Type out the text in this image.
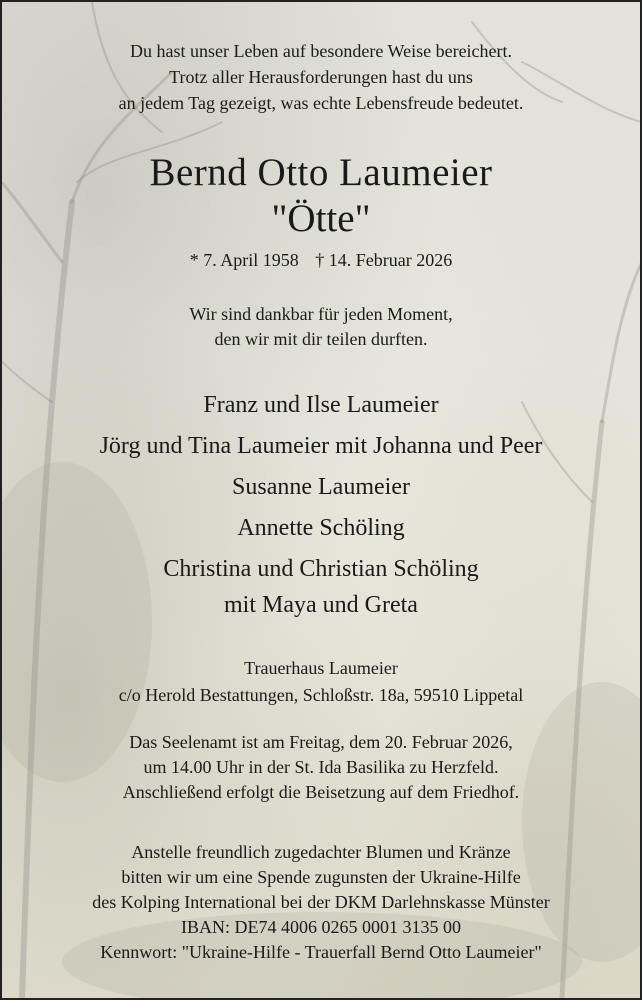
Du hast unser Leben auf besondere Weise bereichert.
Trotz aller Herausforderungen hast du uns
an jedem Tag gezeigt, was echte Lebensfreude bedeutet.
Bernd Otto Laumeier
"Ötte"
* 7. April 1958 † 14. Februar 2026
Wir sind dankbar für jeden Moment,
den wir mit dir teilen durften.
Franz und Ilse Laumeier
Jörg und Tina Laumeier mit Johanna und Peer
Susanne Laumeier
Annette Schöling
Christina und Christian Schöling
mit Maya und Greta
Trauerhaus Laumeier
c/o Herold Bestattungen, Schloßstr. 18a, 59510 Lippetal
Das Seelenamt ist am Freitag, dem 20. Februar 2026,
um 14.00 Uhr in der St. Ida Basilika zu Herzfeld.
Anschließend erfolgt die Beisetzung auf dem Friedhof.
Anstelle freundlich zugedachter Blumen und Kränze
bitten wir um eine Spende zugunsten der Ukraine-Hilfe
des Kolping International bei der DKM Darlehnskasse Münster
IBAN: DE74 4006 0265 0001 3135 00
Kennwort: "Ukraine-Hilfe - Trauerfall Bernd Otto Laumeier"
